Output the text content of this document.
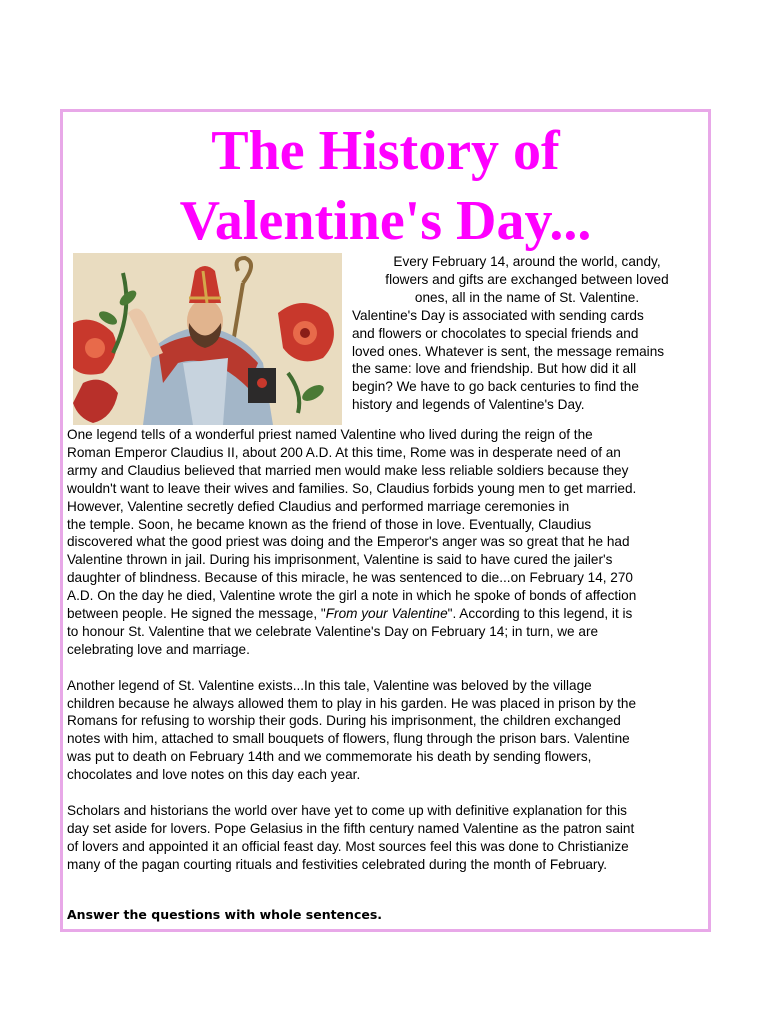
The History of
Valentine's Day...
Every February 14, around the world, candy,
flowers and gifts are exchanged between loved
ones, all in the name of St. Valentine.
Valentine's Day is associated with sending cards
and flowers or chocolates to special friends and
loved ones. Whatever is sent, the message remains
the same: love and friendship. But how did it all
begin? We have to go back centuries to find the
history and legends of Valentine's Day.

One legend tells of a wonderful priest named Valentine who lived during the reign of the
Roman Emperor Claudius II, about 200 A.D. At this time, Rome was in desperate need of an
army and Claudius believed that married men would make less reliable soldiers because they
wouldn't want to leave their wives and families. So, Claudius forbids young men to get married.
However, Valentine secretly defied Claudius and performed marriage ceremonies in
the temple. Soon, he became known as the friend of those in love. Eventually, Claudius
discovered what the good priest was doing and the Emperor's anger was so great that he had
Valentine thrown in jail. During his imprisonment, Valentine is said to have cured the jailer's
daughter of blindness. Because of this miracle, he was sentenced to die...on February 14, 270
A.D. On the day he died, Valentine wrote the girl a note in which he spoke of bonds of affection
between people. He signed the message, "From your Valentine". According to this legend, it is
to honour St. Valentine that we celebrate Valentine's Day on February 14; in turn, we are
celebrating love and marriage.

Another legend of St. Valentine exists...In this tale, Valentine was beloved by the village
children because he always allowed them to play in his garden. He was placed in prison by the
Romans for refusing to worship their gods. During his imprisonment, the children exchanged
notes with him, attached to small bouquets of flowers, flung through the prison bars. Valentine
was put to death on February 14th and we commemorate his death by sending flowers,
chocolates and love notes on this day each year.

Scholars and historians the world over have yet to come up with definitive explanation for this
day set aside for lovers. Pope Gelasius in the fifth century named Valentine as the patron saint
of lovers and appointed it an official feast day. Most sources feel this was done to Christianize
many of the pagan courting rituals and festivities celebrated during the month of February.

Answer the questions with whole sentences.
